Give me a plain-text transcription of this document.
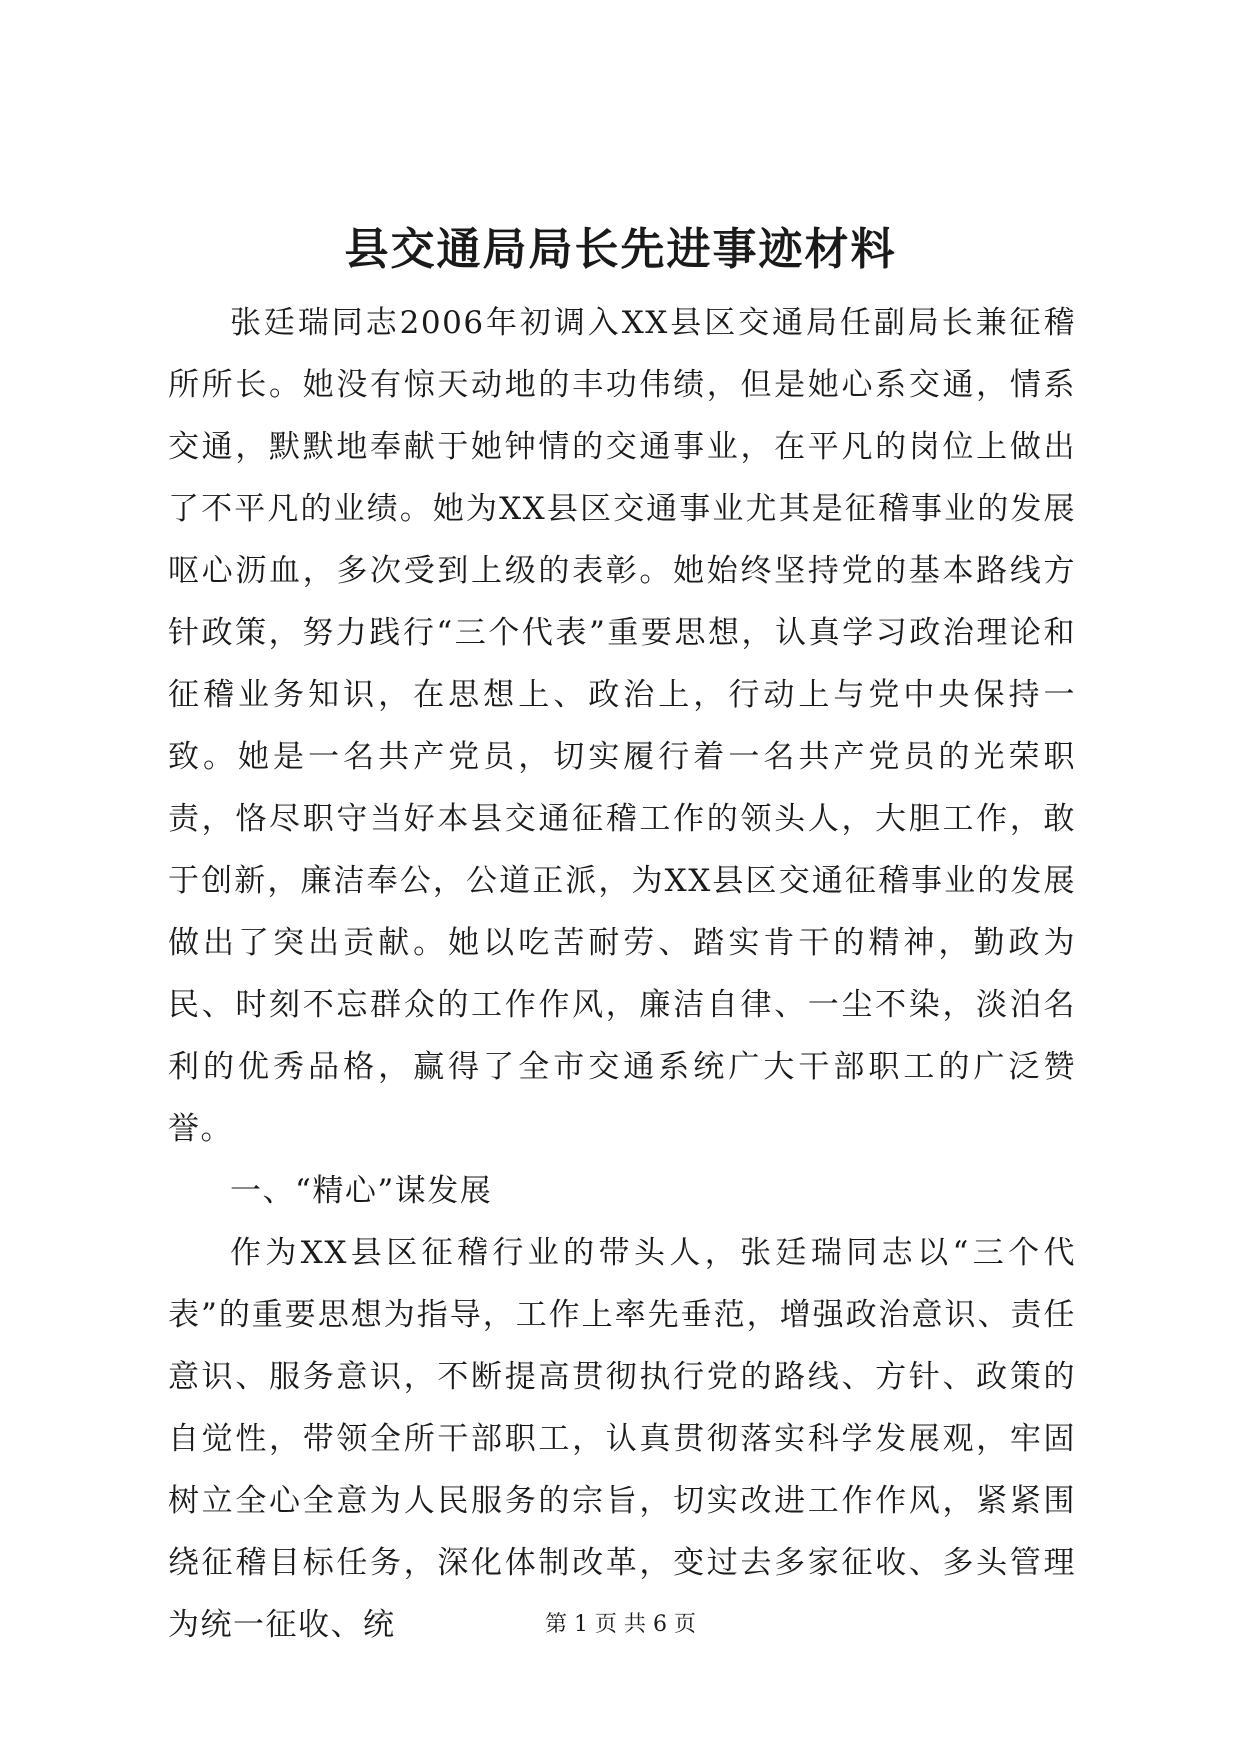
县交通局局长先进事迹材料

张廷瑞同志2006年初调入XX县区交通局任副局长兼征稽所所长。她没有惊天动地的丰功伟绩，但是她心系交通，情系交通，默默地奉献于她钟情的交通事业，在平凡的岗位上做出了不平凡的业绩。她为XX县区交通事业尤其是征稽事业的发展呕心沥血，多次受到上级的表彰。她始终坚持党的基本路线方针政策，努力践行“三个代表”重要思想，认真学习政治理论和征稽业务知识，在思想上、政治上，行动上与党中央保持一致。她是一名共产党员，切实履行着一名共产党员的光荣职责，恪尽职守当好本县交通征稽工作的领头人，大胆工作，敢于创新，廉洁奉公，公道正派，为XX县区交通征稽事业的发展做出了突出贡献。她以吃苦耐劳、踏实肯干的精神，勤政为民、时刻不忘群众的工作作风，廉洁自律、一尘不染，淡泊名利的优秀品格，赢得了全市交通系统广大干部职工的广泛赞誉。

一、“精心”谋发展

作为XX县区征稽行业的带头人，张廷瑞同志以“三个代表”的重要思想为指导，工作上率先垂范，增强政治意识、责任意识、服务意识，不断提高贯彻执行党的路线、方针、政策的自觉性，带领全所干部职工，认真贯彻落实科学发展观，牢固树立全心全意为人民服务的宗旨，切实改进工作作风，紧紧围绕征稽目标任务，深化体制改革，变过去多家征收、多头管理为统一征收、统	第 1 页 共 6 页
